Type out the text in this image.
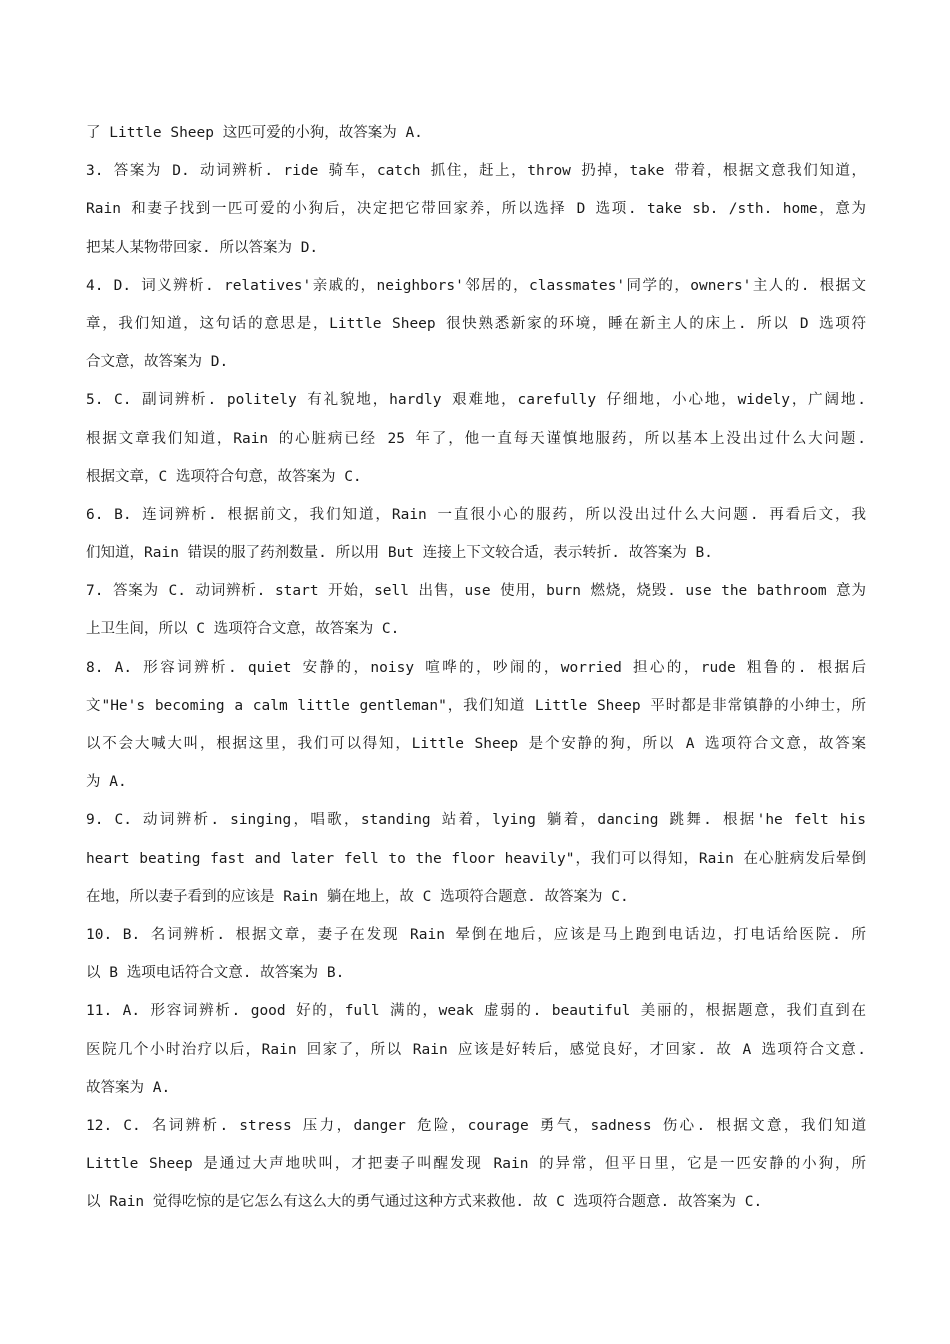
了 Little Sheep 这匹可爱的小狗，故答案为 A.
3. 答案为 D. 动词辨析. ride 骑车，catch 抓住，赶上，throw 扔掉，take 带着，根据文意我们知道，
Rain 和妻子找到一匹可爱的小狗后，决定把它带回家养，所以选择 D 选项. take sb. /sth. home，意为
把某人某物带回家. 所以答案为 D.
4. D. 词义辨析. relatives'亲戚的，neighbors'邻居的，classmates'同学的，owners'主人的. 根据文
章，我们知道，这句话的意思是，Little Sheep 很快熟悉新家的环境，睡在新主人的床上. 所以 D 选项符
合文意，故答案为 D.
5. C. 副词辨析. politely 有礼貌地，hardly 艰难地，carefully 仔细地，小心地，widely，广阔地.
根据文章我们知道，Rain 的心脏病已经 25 年了，他一直每天谨慎地服药，所以基本上没出过什么大问题.
根据文章，C 选项符合句意，故答案为 C.
6. B. 连词辨析. 根据前文，我们知道，Rain 一直很小心的服药，所以没出过什么大问题. 再看后文，我
们知道，Rain 错误的服了药剂数量. 所以用 But 连接上下文较合适，表示转折. 故答案为 B.
7. 答案为 C. 动词辨析. start 开始，sell 出售，use 使用，burn 燃烧，烧毁. use the bathroom 意为
上卫生间，所以 C 选项符合文意，故答案为 C.
8. A. 形容词辨析. quiet 安静的，noisy 喧哗的，吵闹的，worried 担心的，rude 粗鲁的. 根据后
文"He's becoming a calm little gentleman"，我们知道 Little Sheep 平时都是非常镇静的小绅士，所
以不会大喊大叫，根据这里，我们可以得知，Little Sheep 是个安静的狗，所以 A 选项符合文意，故答案
为 A.
9. C. 动词辨析. singing，唱歌，standing 站着，lying 躺着，dancing 跳舞. 根据'he felt his
heart beating fast and later fell to the floor heavily"，我们可以得知，Rain 在心脏病发后晕倒
在地，所以妻子看到的应该是 Rain 躺在地上，故 C 选项符合题意. 故答案为 C.
10. B. 名词辨析. 根据文章，妻子在发现 Rain 晕倒在地后，应该是马上跑到电话边，打电话给医院. 所
以 B 选项电话符合文意. 故答案为 B.
11. A. 形容词辨析. good 好的，full 满的，weak 虚弱的. beautiful 美丽的，根据题意，我们直到在
医院几个小时治疗以后，Rain 回家了，所以 Rain 应该是好转后，感觉良好，才回家. 故 A 选项符合文意.
故答案为 A.
12. C. 名词辨析. stress 压力，danger 危险，courage 勇气，sadness 伤心. 根据文意，我们知道
Little Sheep 是通过大声地吠叫，才把妻子叫醒发现 Rain 的异常，但平日里，它是一匹安静的小狗，所
以 Rain 觉得吃惊的是它怎么有这么大的勇气通过这种方式来救他. 故 C 选项符合题意. 故答案为 C.
